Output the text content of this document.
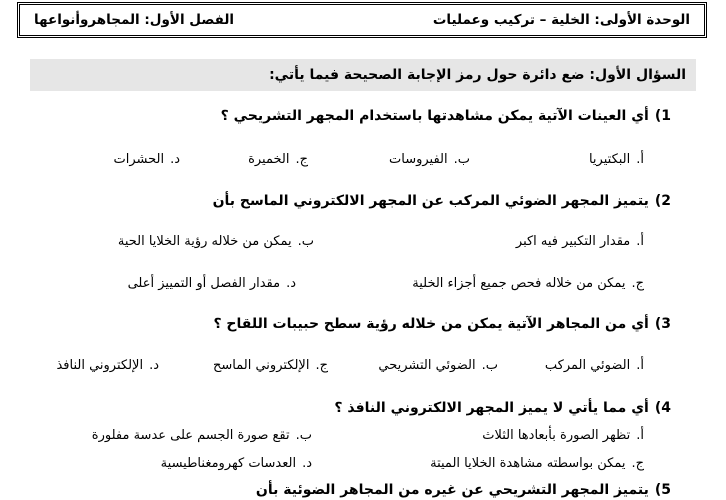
الوحدة الأولى: الخلية – تركيب وعمليات
الفصل الأول: المجاهروأنواعها
السؤال الأول: ضع دائرة حول رمز الإجابة الصحيحة فيما يأتي:
1)أي العينات الآتية يمكن مشاهدتها باستخدام المجهر التشريحي ؟
أ.البكتيريا
ب.الفيروسات
ج.الخميرة
د.الحشرات
2)يتميز المجهر الضوئي المركب عن المجهر الالكتروني الماسح بأن
أ.مقدار التكبير فيه اكبر
ب.يمكن من خلاله رؤية الخلايا الحية
ج.يمكن من خلاله فحص جميع أجزاء الخلية
د.مقدار الفصل أو التمييز أعلى
3)أي من المجاهر الآتية يمكن من خلاله رؤية سطح حبيبات اللقاح ؟
أ.الضوئي المركب
ب.الضوئي التشريحي
ج.الإلكتروني الماسح
د.الإلكتروني النافذ
4)أي مما يأتي لا يميز المجهر الالكتروني النافذ ؟
أ.تظهر الصورة بأبعادها الثلاث
ب.تقع صورة الجسم على عدسة مفلورة
ج.يمكن بواسطته مشاهدة الخلايا الميتة
د.العدسات كهرومغناطيسية
5)يتميز المجهر التشريحي عن غيره من المجاهر الضوئية بأن
